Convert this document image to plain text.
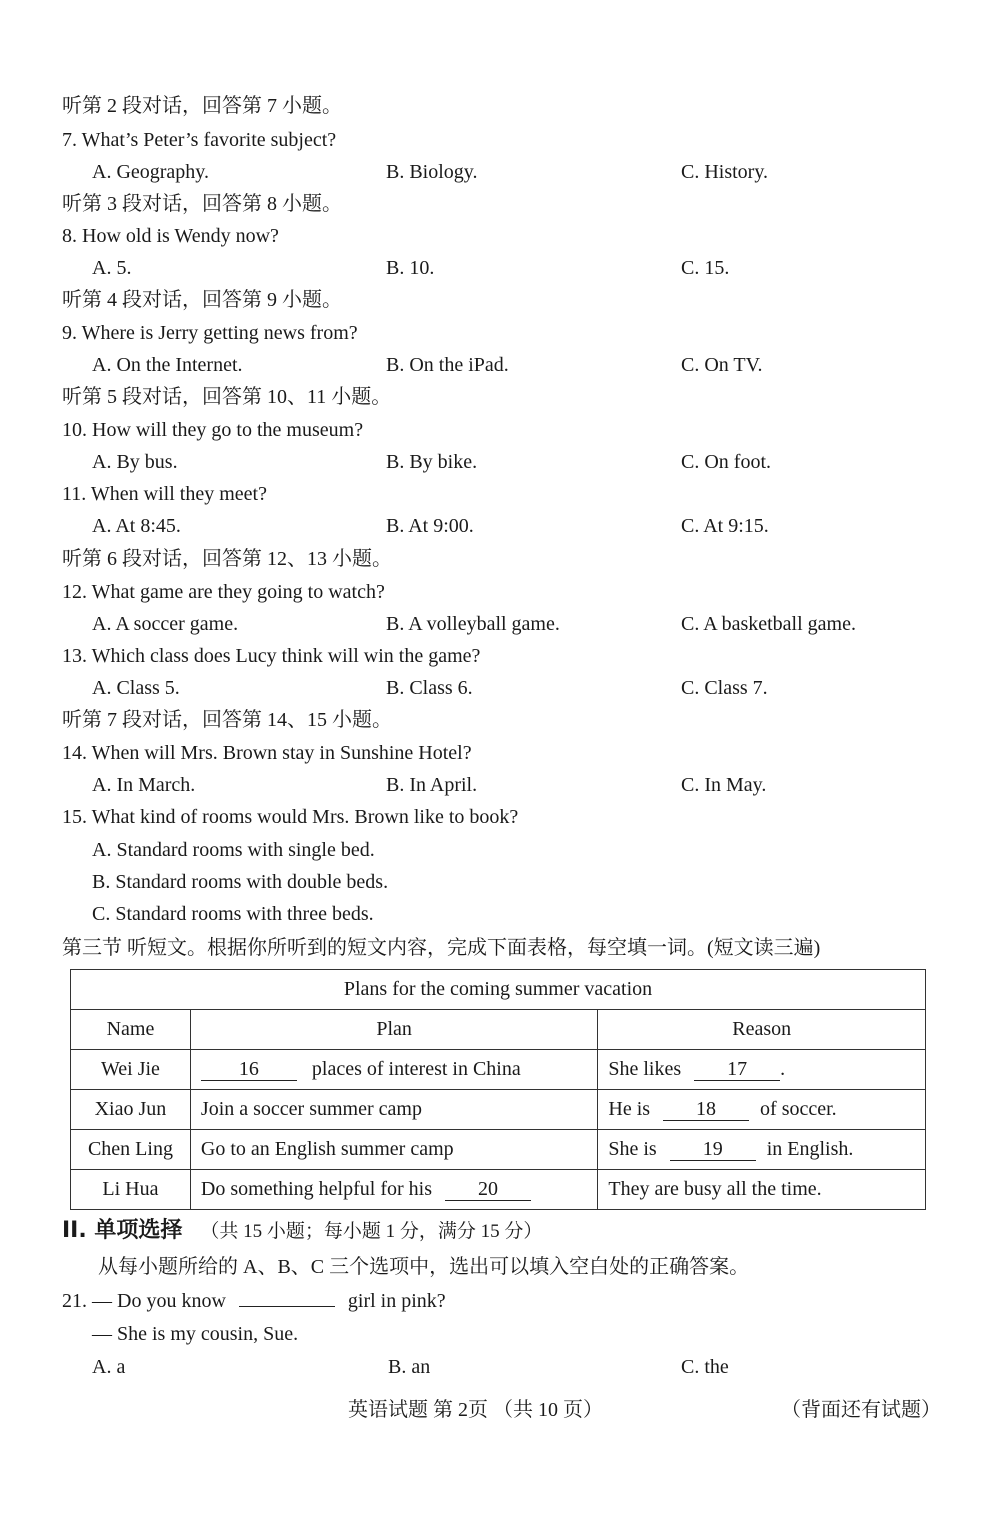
听第 2 段对话，回答第 7 小题。
7. What’s Peter’s favorite subject?
A. Geography.	B. Biology.	C. History.
听第 3 段对话，回答第 8 小题。
8. How old is Wendy now?
A. 5.	B. 10.	C. 15.
听第 4 段对话，回答第 9 小题。
9. Where is Jerry getting news from?
A. On the Internet.	B. On the iPad.	C. On TV.
听第 5 段对话，回答第 10、11 小题。
10. How will they go to the museum?
A. By bus.	B. By bike.	C. On foot.
11. When will they meet?
A. At 8:45.	B. At 9:00.	C. At 9:15.
听第 6 段对话，回答第 12、13 小题。
12. What game are they going to watch?
A. A soccer game.	B. A volleyball game.	C. A basketball game.
13. Which class does Lucy think will win the game?
A. Class 5.	B. Class 6.	C. Class 7.
听第 7 段对话，回答第 14、15 小题。
14. When will Mrs. Brown stay in Sunshine Hotel?
A. In March.	B. In April.	C. In May.
15. What kind of rooms would Mrs. Brown like to book?
A. Standard rooms with single bed.
B. Standard rooms with double beds.
C. Standard rooms with three beds.
第三节 听短文。根据你所听到的短文内容，完成下面表格，每空填一词。(短文读三遍)
Plans for the coming summer vacation		
Name	Plan	Reason
Wei Jie	16 places of interest in China	She likes 17 .
Xiao Jun	Join a soccer summer camp	He is 18 of soccer.
Chen Ling	Go to an English summer camp	She is 19 in English.
Li Hua	Do something helpful for his 20	They are busy all the time.
II. 单项选择 （共 15 小题；每小题 1 分，满分 15 分）
从每小题所给的 A、B、C 三个选项中，选出可以填入空白处的正确答案。
21. — Do you know	girl in pink?
— She is my cousin, Sue.
A. a	B. an	C. the
英语试题 第 2页 （共 10 页）	（背面还有试题）
